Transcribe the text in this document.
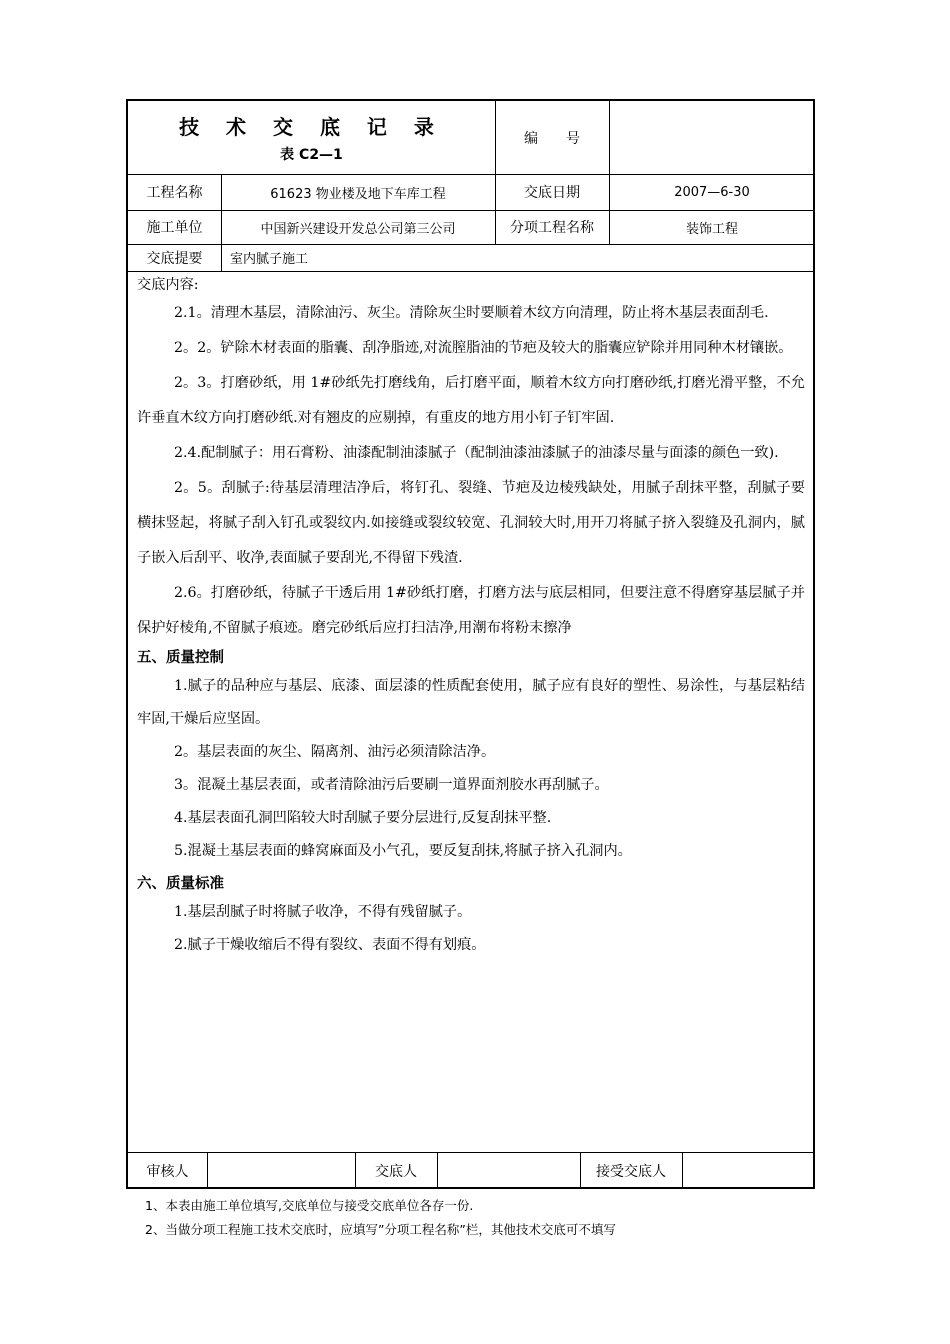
技 术 交 底 记 录
表 C2—1
编　　号
工程名称	61623 物业楼及地下车库工程	交底日期	2007—6-30
施工单位	中国新兴建设开发总公司第三公司	分项工程名称	装饰工程
交底提要	室内腻子施工
交底内容:

2.1。清理木基层，清除油污、灰尘。清除灰尘时要顺着木纹方向清理，防止将木基层表面刮毛.

2。2。铲除木材表面的脂囊、刮净脂迹,对流膣脂油的节疤及较大的脂囊应铲除并用同种木材镶嵌。

2。3。打磨砂纸，用 1#砂纸先打磨线角，后打磨平面，顺着木纹方向打磨砂纸,打磨光滑平整，不允许垂直木纹方向打磨砂纸.对有翘皮的应剔掉，有重皮的地方用小钉子钉牢固.

2.4.配制腻子：用石膏粉、油漆配制油漆腻子（配制油漆油漆腻子的油漆尽量与面漆的颜色一致).

2。5。刮腻子:待基层清理洁净后，将钉孔、裂缝、节疤及边棱残缺处，用腻子刮抹平整，刮腻子要横抹竖起，将腻子刮入钉孔或裂纹内.如接缝或裂纹较宽、孔洞较大时,用开刀将腻子挤入裂缝及孔洞内，腻子嵌入后刮平、收净,表面腻子要刮光,不得留下残渣.

2.6。打磨砂纸，待腻子干透后用 1#砂纸打磨，打磨方法与底层相同，但要注意不得磨穿基层腻子并保护好棱角,不留腻子痕迹。磨完砂纸后应打扫洁净,用潮布将粉末擦净

五、质量控制

1.腻子的品种应与基层、底漆、面层漆的性质配套使用，腻子应有良好的塑性、易涂性，与基层粘结牢固,干燥后应坚固。

2。基层表面的灰尘、隔离剂、油污必须清除洁净。

3。混凝土基层表面，或者清除油污后要刷一道界面剂胶水再刮腻子。

4.基层表面孔洞凹陷较大时刮腻子要分层进行,反复刮抹平整.

5.混凝土基层表面的蜂窝麻面及小气孔，要反复刮抹,将腻子挤入孔洞内。

六、质量标准

1.基层刮腻子时将腻子收净，不得有残留腻子。

2.腻子干燥收缩后不得有裂纹、表面不得有划痕。

审核人	交底人	接受交底人
1、本表由施工单位填写,交底单位与接受交底单位各存一份.
2、当做分项工程施工技术交底时，应填写”分项工程名称”栏，其他技术交底可不填写
